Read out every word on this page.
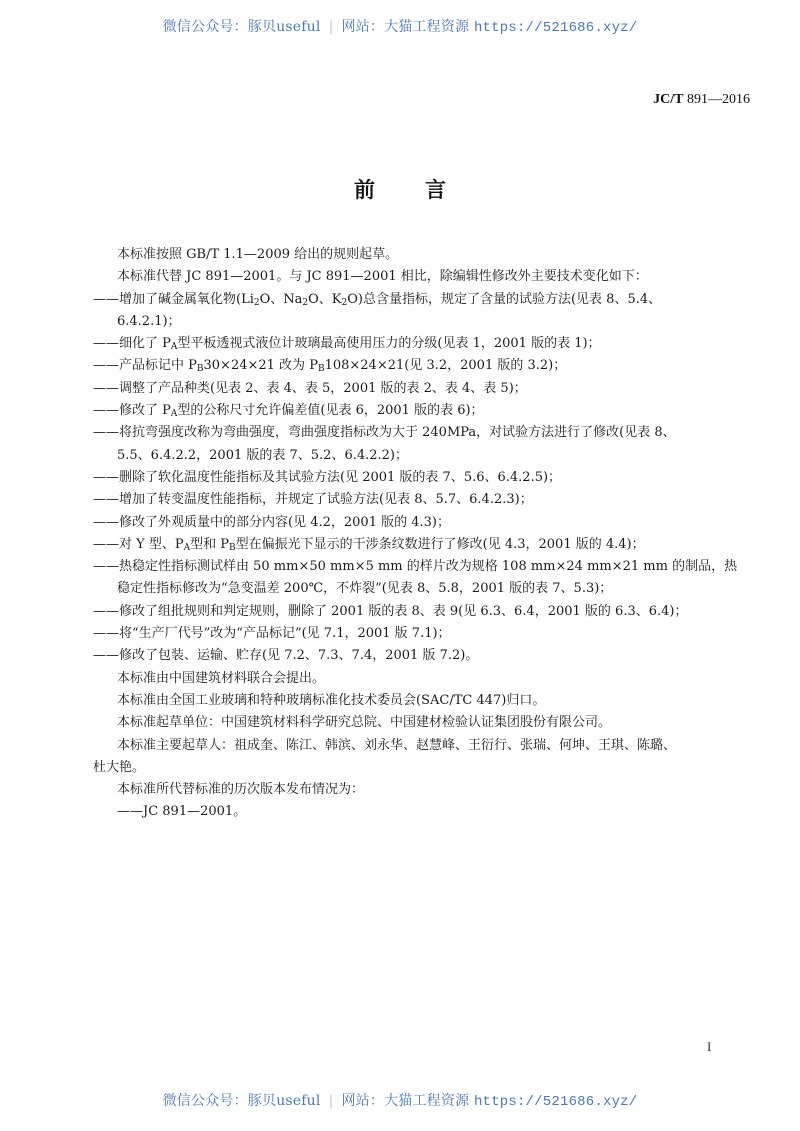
微信公众号：豚贝useful | 网站：大猫工程资源 https://521686.xyz/
JC/T 891—2016
前 言
本标准按照 GB/T 1.1—2009 给出的规则起草。
本标准代替 JC 891—2001。与 JC 891—2001 相比，除编辑性修改外主要技术变化如下：
——增加了碱金属氧化物($Li_2O$、$Na_2O$、$K_2O$)总含量指标，规定了含量的试验方法(见表 8、5.4、
6.4.2.1)；
——细化了 $P_A$型平板透视式液位计玻璃最高使用压力的分级(见表 1，2001 版的表 1)；
——产品标记中 $P_B30\times 24\times 21$ 改为 $P_B108\times 24\times 21$(见 3.2，2001 版的 3.2)；
——调整了产品种类(见表 2、表 4、表 5，2001 版的表 2、表 4、表 5)；
——修改了 $P_A$型的公称尺寸允许偏差值(见表 6，2001 版的表 6)；
——将抗弯强度改称为弯曲强度，弯曲强度指标改为大于 240MPa，对试验方法进行了修改(见表 8、
5.5、6.4.2.2，2001 版的表 7、5.2、6.4.2.2)；
——删除了软化温度性能指标及其试验方法(见 2001 版的表 7、5.6、6.4.2.5)；
——增加了转变温度性能指标，并规定了试验方法(见表 8、5.7、6.4.2.3)；
——修改了外观质量中的部分内容(见 4.2，2001 版的 4.3)；
——对 Y 型、$P_A$型和 $P_B$型在偏振光下显示的干涉条纹数进行了修改(见 4.3，2001 版的 4.4)；
——热稳定性指标测试样由 50 mm×50 mm×5 mm 的样片改为规格 108 mm×24 mm×21 mm 的制品，热
稳定性指标修改为“急变温差 200℃，不炸裂”(见表 8、5.8，2001 版的表 7、5.3)；
——修改了组批规则和判定规则，删除了 2001 版的表 8、表 9(见 6.3、6.4，2001 版的 6.3、6.4)；
——将“生产厂代号”改为“产品标记”(见 7.1，2001 版 7.1)；
——修改了包装、运输、贮存(见 7.2、7.3、7.4，2001 版 7.2)。
本标准由中国建筑材料联合会提出。
本标准由全国工业玻璃和特种玻璃标准化技术委员会(SAC/TC 447)归口。
本标准起草单位：中国建筑材料科学研究总院、中国建材检验认证集团股份有限公司。
本标准主要起草人：祖成奎、陈江、韩滨、刘永华、赵慧峰、王衍行、张瑞、何坤、王琪、陈璐、
杜大艳。
本标准所代替标准的历次版本发布情况为：
——JC 891—2001。
I
微信公众号：豚贝useful | 网站：大猫工程资源 https://521686.xyz/
